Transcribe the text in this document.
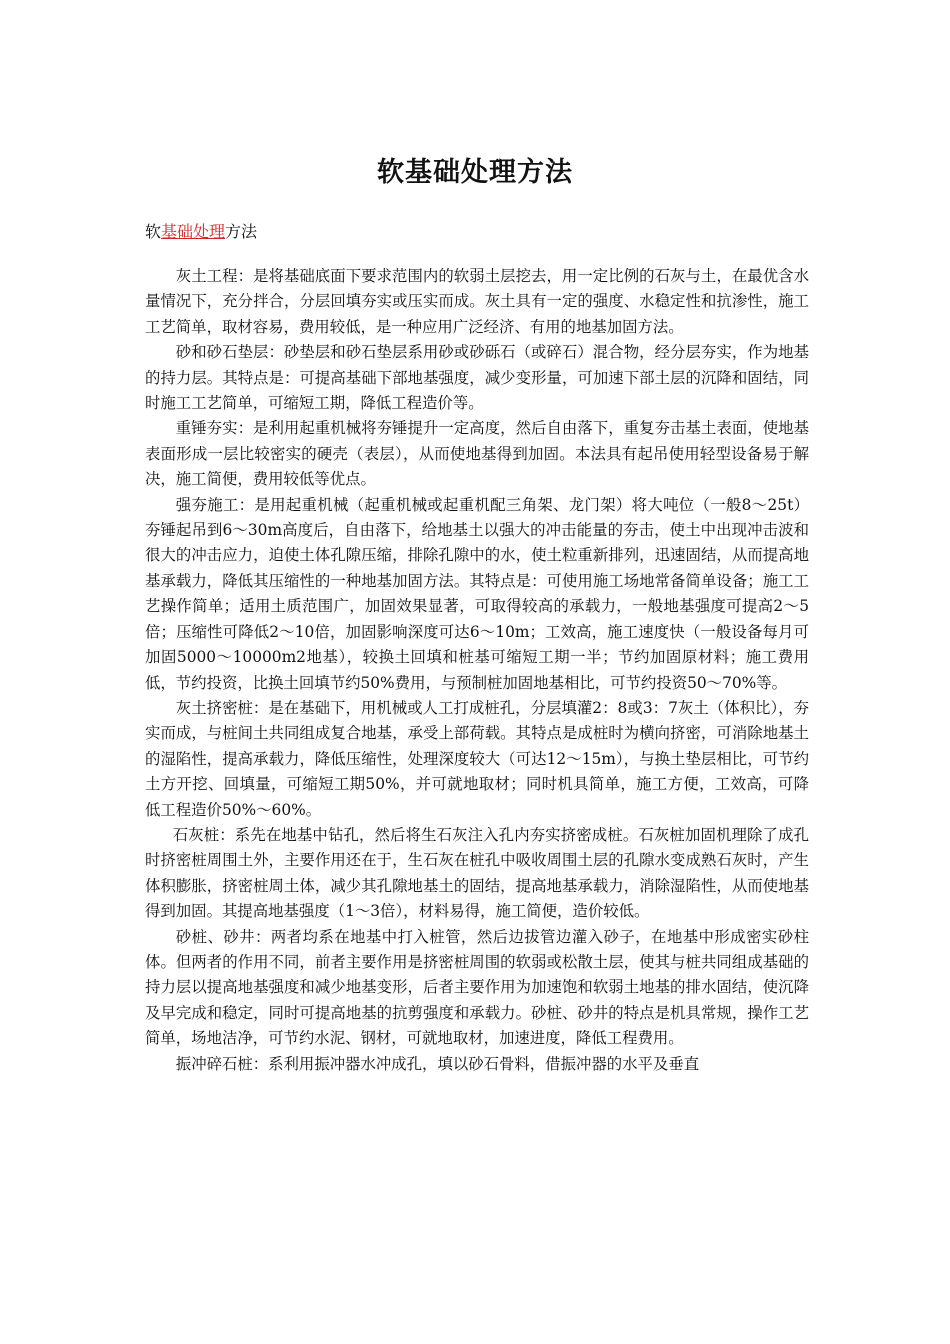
软基础处理方法
软基础处理方法

灰土工程：是将基础底面下要求范围内的软弱土层挖去，用一定比例的石灰与土，在最优含水量情况下，充分拌合，分层回填夯实或压实而成。灰土具有一定的强度、水稳定性和抗渗性，施工工艺简单，取材容易，费用较低，是一种应用广泛经济、有用的地基加固方法。

砂和砂石垫层：砂垫层和砂石垫层系用砂或砂砾石（或碎石）混合物，经分层夯实，作为地基的持力层。其特点是：可提高基础下部地基强度，减少变形量，可加速下部土层的沉降和固结，同时施工工艺简单，可缩短工期，降低工程造价等。

重锤夯实：是利用起重机械将夯锤提升一定高度，然后自由落下，重复夯击基土表面，使地基表面形成一层比较密实的硬壳（表层），从而使地基得到加固。本法具有起吊使用轻型设备易于解决，施工简便，费用较低等优点。

强夯施工：是用起重机械（起重机械或起重机配三角架、龙门架）将大吨位（一般8～25t）夯锤起吊到6～30m高度后，自由落下，给地基土以强大的冲击能量的夯击，使土中出现冲击波和很大的冲击应力，迫使土体孔隙压缩，排除孔隙中的水，使土粒重新排列，迅速固结，从而提高地基承载力，降低其压缩性的一种地基加固方法。其特点是：可使用施工场地常备简单设备；施工工艺操作简单；适用土质范围广，加固效果显著，可取得较高的承载力，一般地基强度可提高2～5倍；压缩性可降低2～10倍，加固影响深度可达6～10m；工效高，施工速度快（一般设备每月可加固5000～10000m2地基），较换土回填和桩基可缩短工期一半；节约加固原材料；施工费用低，节约投资，比换土回填节约50%费用，与预制桩加固地基相比，可节约投资50～70%等。

灰土挤密桩：是在基础下，用机械或人工打成桩孔，分层填灌2：8或3：7灰土（体积比），夯实而成，与桩间土共同组成复合地基，承受上部荷载。其特点是成桩时为横向挤密，可消除地基土的湿陷性，提高承载力，降低压缩性，处理深度较大（可达12～15m），与换土垫层相比，可节约土方开挖、回填量，可缩短工期50%，并可就地取材；同时机具简单，施工方便，工效高，可降低工程造价50%～60%。

石灰桩：系先在地基中钻孔，然后将生石灰注入孔内夯实挤密成桩。石灰桩加固机理除了成孔时挤密桩周围土外，主要作用还在于，生石灰在桩孔中吸收周围土层的孔隙水变成熟石灰时，产生体积膨胀，挤密桩周土体，减少其孔隙地基土的固结，提高地基承载力，消除湿陷性，从而使地基得到加固。其提高地基强度（1～3倍），材料易得，施工简便，造价较低。

砂桩、砂井：两者均系在地基中打入桩管，然后边拔管边灌入砂子，在地基中形成密实砂柱体。但两者的作用不同，前者主要作用是挤密桩周围的软弱或松散土层，使其与桩共同组成基础的持力层以提高地基强度和减少地基变形，后者主要作用为加速饱和软弱土地基的排水固结，使沉降及早完成和稳定，同时可提高地基的抗剪强度和承载力。砂桩、砂井的特点是机具常规，操作工艺简单，场地洁净，可节约水泥、钢材，可就地取材，加速进度，降低工程费用。

振冲碎石桩：系利用振冲器水冲成孔，填以砂石骨料，借振冲器的水平及垂直
